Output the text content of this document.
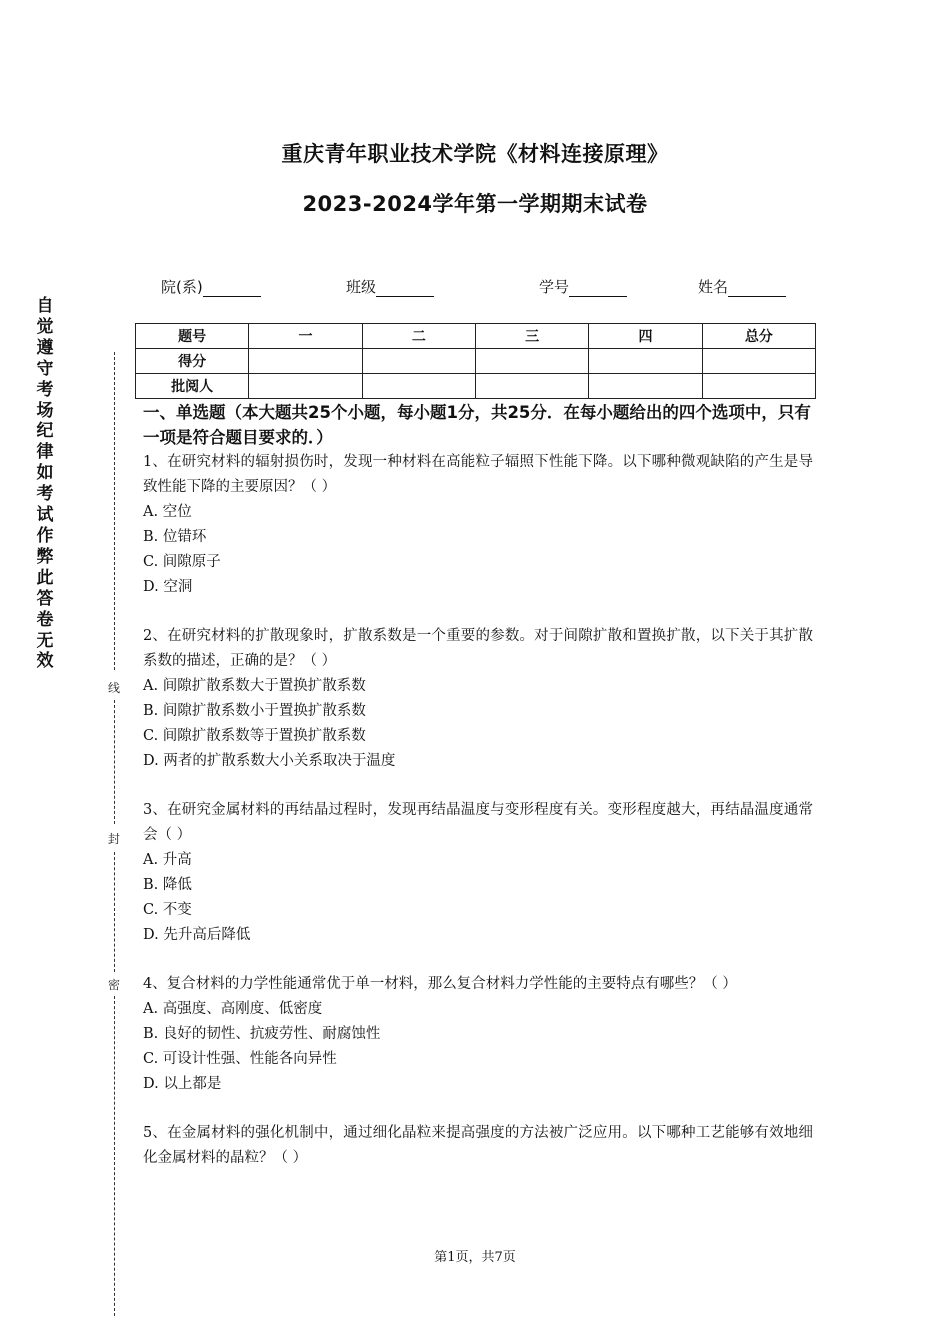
重庆青年职业技术学院《材料连接原理》
2023-2024学年第一学期期末试卷
院(系)	班级	学号	姓名
题号	一	二	三	四	总分
得分					
批阅人					
自觉遵守考场纪律如考试作弊此答卷无效
线
封
密
一、单选题（本大题共25个小题，每小题1分，共25分．在每小题给出的四个选项中，只有一项是符合题目要求的．）
1、在研究材料的辐射损伤时，发现一种材料在高能粒子辐照下性能下降。以下哪种微观缺陷的产生是导致性能下降的主要原因？（ ）
A. 空位
B. 位错环
C. 间隙原子
D. 空洞
2、在研究材料的扩散现象时，扩散系数是一个重要的参数。对于间隙扩散和置换扩散，以下关于其扩散系数的描述，正确的是？（ ）
A. 间隙扩散系数大于置换扩散系数
B. 间隙扩散系数小于置换扩散系数
C. 间隙扩散系数等于置换扩散系数
D. 两者的扩散系数大小关系取决于温度
3、在研究金属材料的再结晶过程时，发现再结晶温度与变形程度有关。变形程度越大，再结晶温度通常会（ ）
A. 升高
B. 降低
C. 不变
D. 先升高后降低
4、复合材料的力学性能通常优于单一材料，那么复合材料力学性能的主要特点有哪些？（ ）
A. 高强度、高刚度、低密度
B. 良好的韧性、抗疲劳性、耐腐蚀性
C. 可设计性强、性能各向异性
D. 以上都是
5、在金属材料的强化机制中，通过细化晶粒来提高强度的方法被广泛应用。以下哪种工艺能够有效地细化金属材料的晶粒？（ ）
第1页，共7页
